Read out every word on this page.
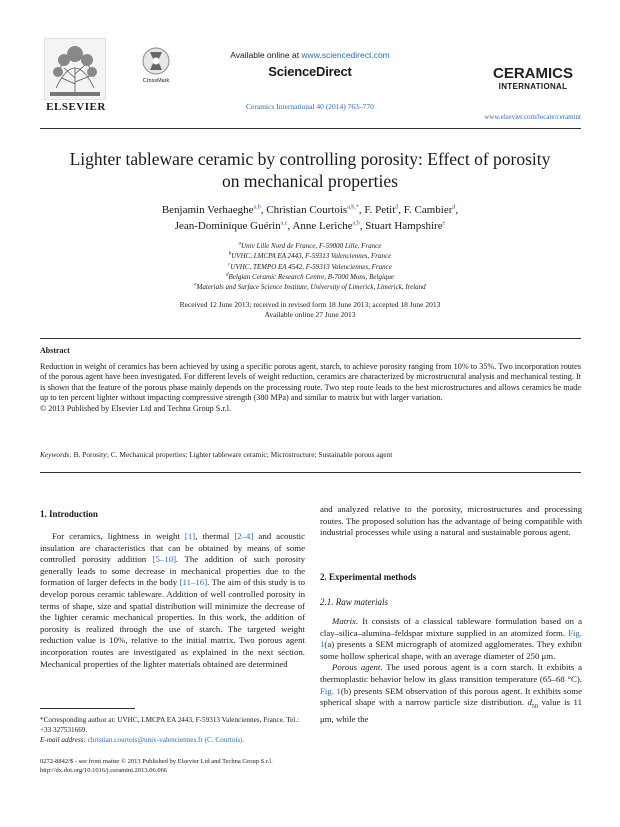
ELSEVIER
CrossMark
Available online at www.sciencedirect.com
ScienceDirect
Ceramics International 40 (2014) 763–770
CERAMICS
INTERNATIONAL
www.elsevier.com/locate/ceramint
Lighter tableware ceramic by controlling porosity: Effect of porosity on mechanical properties
Benjamin Verhaeghe$^{a,b}$, Christian Courtois$^{a,b,*}$, F. Petit$^d$, F. Cambier$^d$,
Jean-Dominique Guérin$^{a,c}$, Anne Leriche$^{a,b}$, Stuart Hampshire$^e$
$^a$Univ Lille Nord de France, F-59000 Lille, France
$^b$UVHC, LMCPA EA 2443, F-59313 Valenciennes, France
$^c$UVHC, TEMPO EA 4542, F-59313 Valenciennes, France
$^d$Belgian Ceramic Research Centre, B-7000 Mons, Belgique
$^e$Materials and Surface Science Institute, University of Limerick, Limerick, Ireland
Received 12 June 2013; received in revised form 18 June 2013; accepted 18 June 2013
Available online 27 June 2013
Abstract
Reduction in weight of ceramics has been achieved by using a specific porous agent, starch, to achieve porosity ranging from 10% to 35%. Two incorporation routes of the porous agent have been investigated. For different levels of weight reduction, ceramics are characterized by microstructural analysis and mechanical testing. It is shown that the feature of the porous phase mainly depends on the processing route. Two step route leads to the best microstructures and allows ceramics be made up to ten percent lighter without impacting compressive strength (380 MPa) and similar to matrix but with larger variation.
© 2013 Published by Elsevier Ltd and Techna Group S.r.l.
Keywords: B. Porosity; C. Mechanical properties; Lighter tableware ceramic; Microstructure; Sustainable porous agent
1. Introduction

For ceramics, lightness in weight [1], thermal [2–4] and acoustic insulation are characteristics that can be obtained by means of some controlled porosity addition [5–10]. The addition of such porosity generally leads to some decrease in mechanical properties due to the formation of larger defects in the body [11–16]. The aim of this study is to develop porous ceramic tableware. Addition of well controlled porosity in terms of shape, size and spatial distribution will minimize the decrease of the lighter ceramic mechanical properties. In this work, the addition of porosity is realized through the use of starch. The targeted weight reduction value is 10%, relative to the initial matrix. Two porous agent incorporation routes are investigated as explained in the next section. Mechanical properties of the lighter materials obtained are determined

and analyzed relative to the porosity, microstructures and processing routes. The proposed solution has the advantage of being compatible with industrial processes while using a natural and sustainable porous agent.

2. Experimental methods
2.1. Raw materials

Matrix. It consists of a classical tableware formulation based on a clay–silica–alumina–feldspar mixture supplied in an atomized form. Fig. 1(a) presents a SEM micrograph of atomized agglomerates. They exhibit some hollow spherical shape, with an average diameter of 250 μm.

Porous agent. The used porous agent is a corn starch. It exhibits a thermoplastic behavior below its glass transition temperature (65–68 °C). Fig. 1(b) presents SEM observation of this porous agent. It exhibits some spherical shape with a narrow particle size distribution. $d_{50}$ value is 11 μm, while the

*Corresponding author at: UVHC, LMCPA EA 2443, F-59313 Valenciennes, France. Tel.: +33 327531669.
E-mail address: christian.courtois@univ-valenciennes.fr (C. Courtois).
0272-8842/$ - see front matter © 2013 Published by Elsevier Ltd and Techna Group S.r.l.
http://dx.doi.org/10.1016/j.ceramint.2013.06.066
